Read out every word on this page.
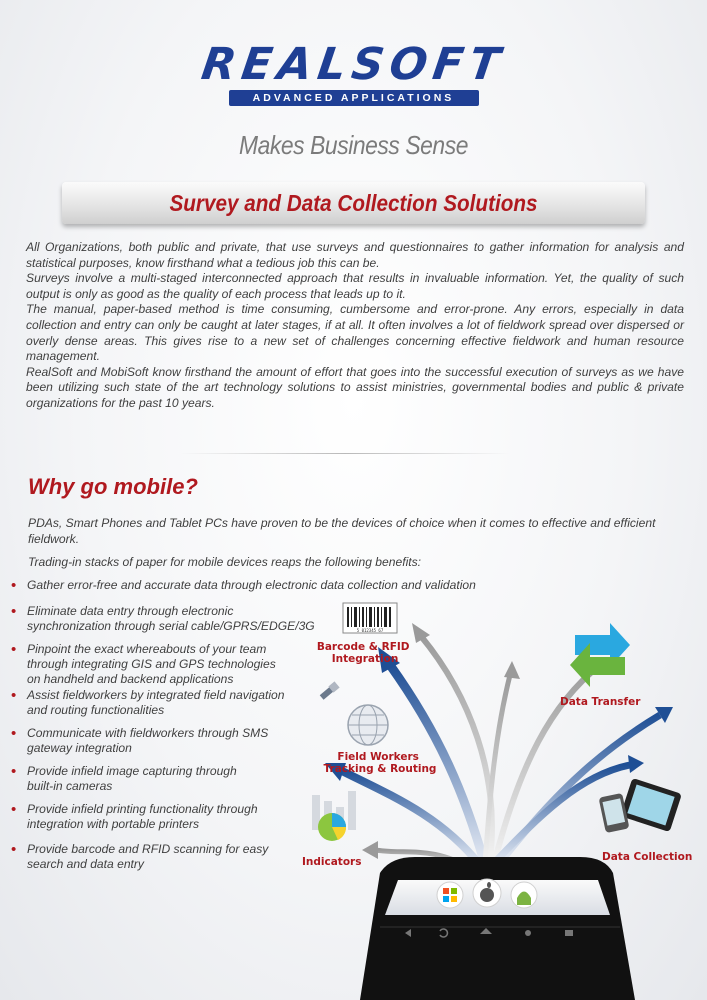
REALSOFT
ADVANCED APPLICATIONS
Makes Business Sense
Survey and Data Collection Solutions

All Organizations, both public and private, that use surveys and questionnaires to gather information for analysis and statistical purposes, know firsthand what a tedious job this can be.

Surveys involve a multi-staged interconnected approach that results in invaluable information. Yet, the quality of such output is only as good as the quality of each process that leads up to it.

The manual, paper-based method is time consuming, cumbersome and error-prone. Any errors, especially in data collection and entry can only be caught at later stages, if at all. It often involves a lot of fieldwork spread over dispersed or overly dense areas. This gives rise to a new set of challenges concerning effective fieldwork and human resource management.

RealSoft and MobiSoft know firsthand the amount of effort that goes into the successful execution of surveys as we have been utilizing such state of the art technology solutions to assist ministries, governmental bodies and public & private organizations for the past 10 years.

Why go mobile?

PDAs, Smart Phones and Tablet PCs have proven to be the devices of choice when it comes to effective and efficient fieldwork.

Trading-in stacks of paper for mobile devices reaps the following benefits:

• Gather error-free and accurate data through electronic data collection and validation
• Eliminate data entry through electronic
synchronization through serial cable/GPRS/EDGE/3G
• Pinpoint the exact whereabouts of your team
through integrating GIS and GPS technologies
on handheld and backend applications
• Assist fieldworkers by integrated field navigation
and routing functionalities
• Communicate with fieldworkers through SMS
gateway integration
• Provide infield image capturing through
built-in cameras
• Provide infield printing functionality through
integration with portable printers
• Provide barcode and RFID scanning for easy
search and data entry
5 012345 67
Barcode & RFID Integration
Field Workers Tracking & Routing
Indicators
Data Transfer
Data Collection
